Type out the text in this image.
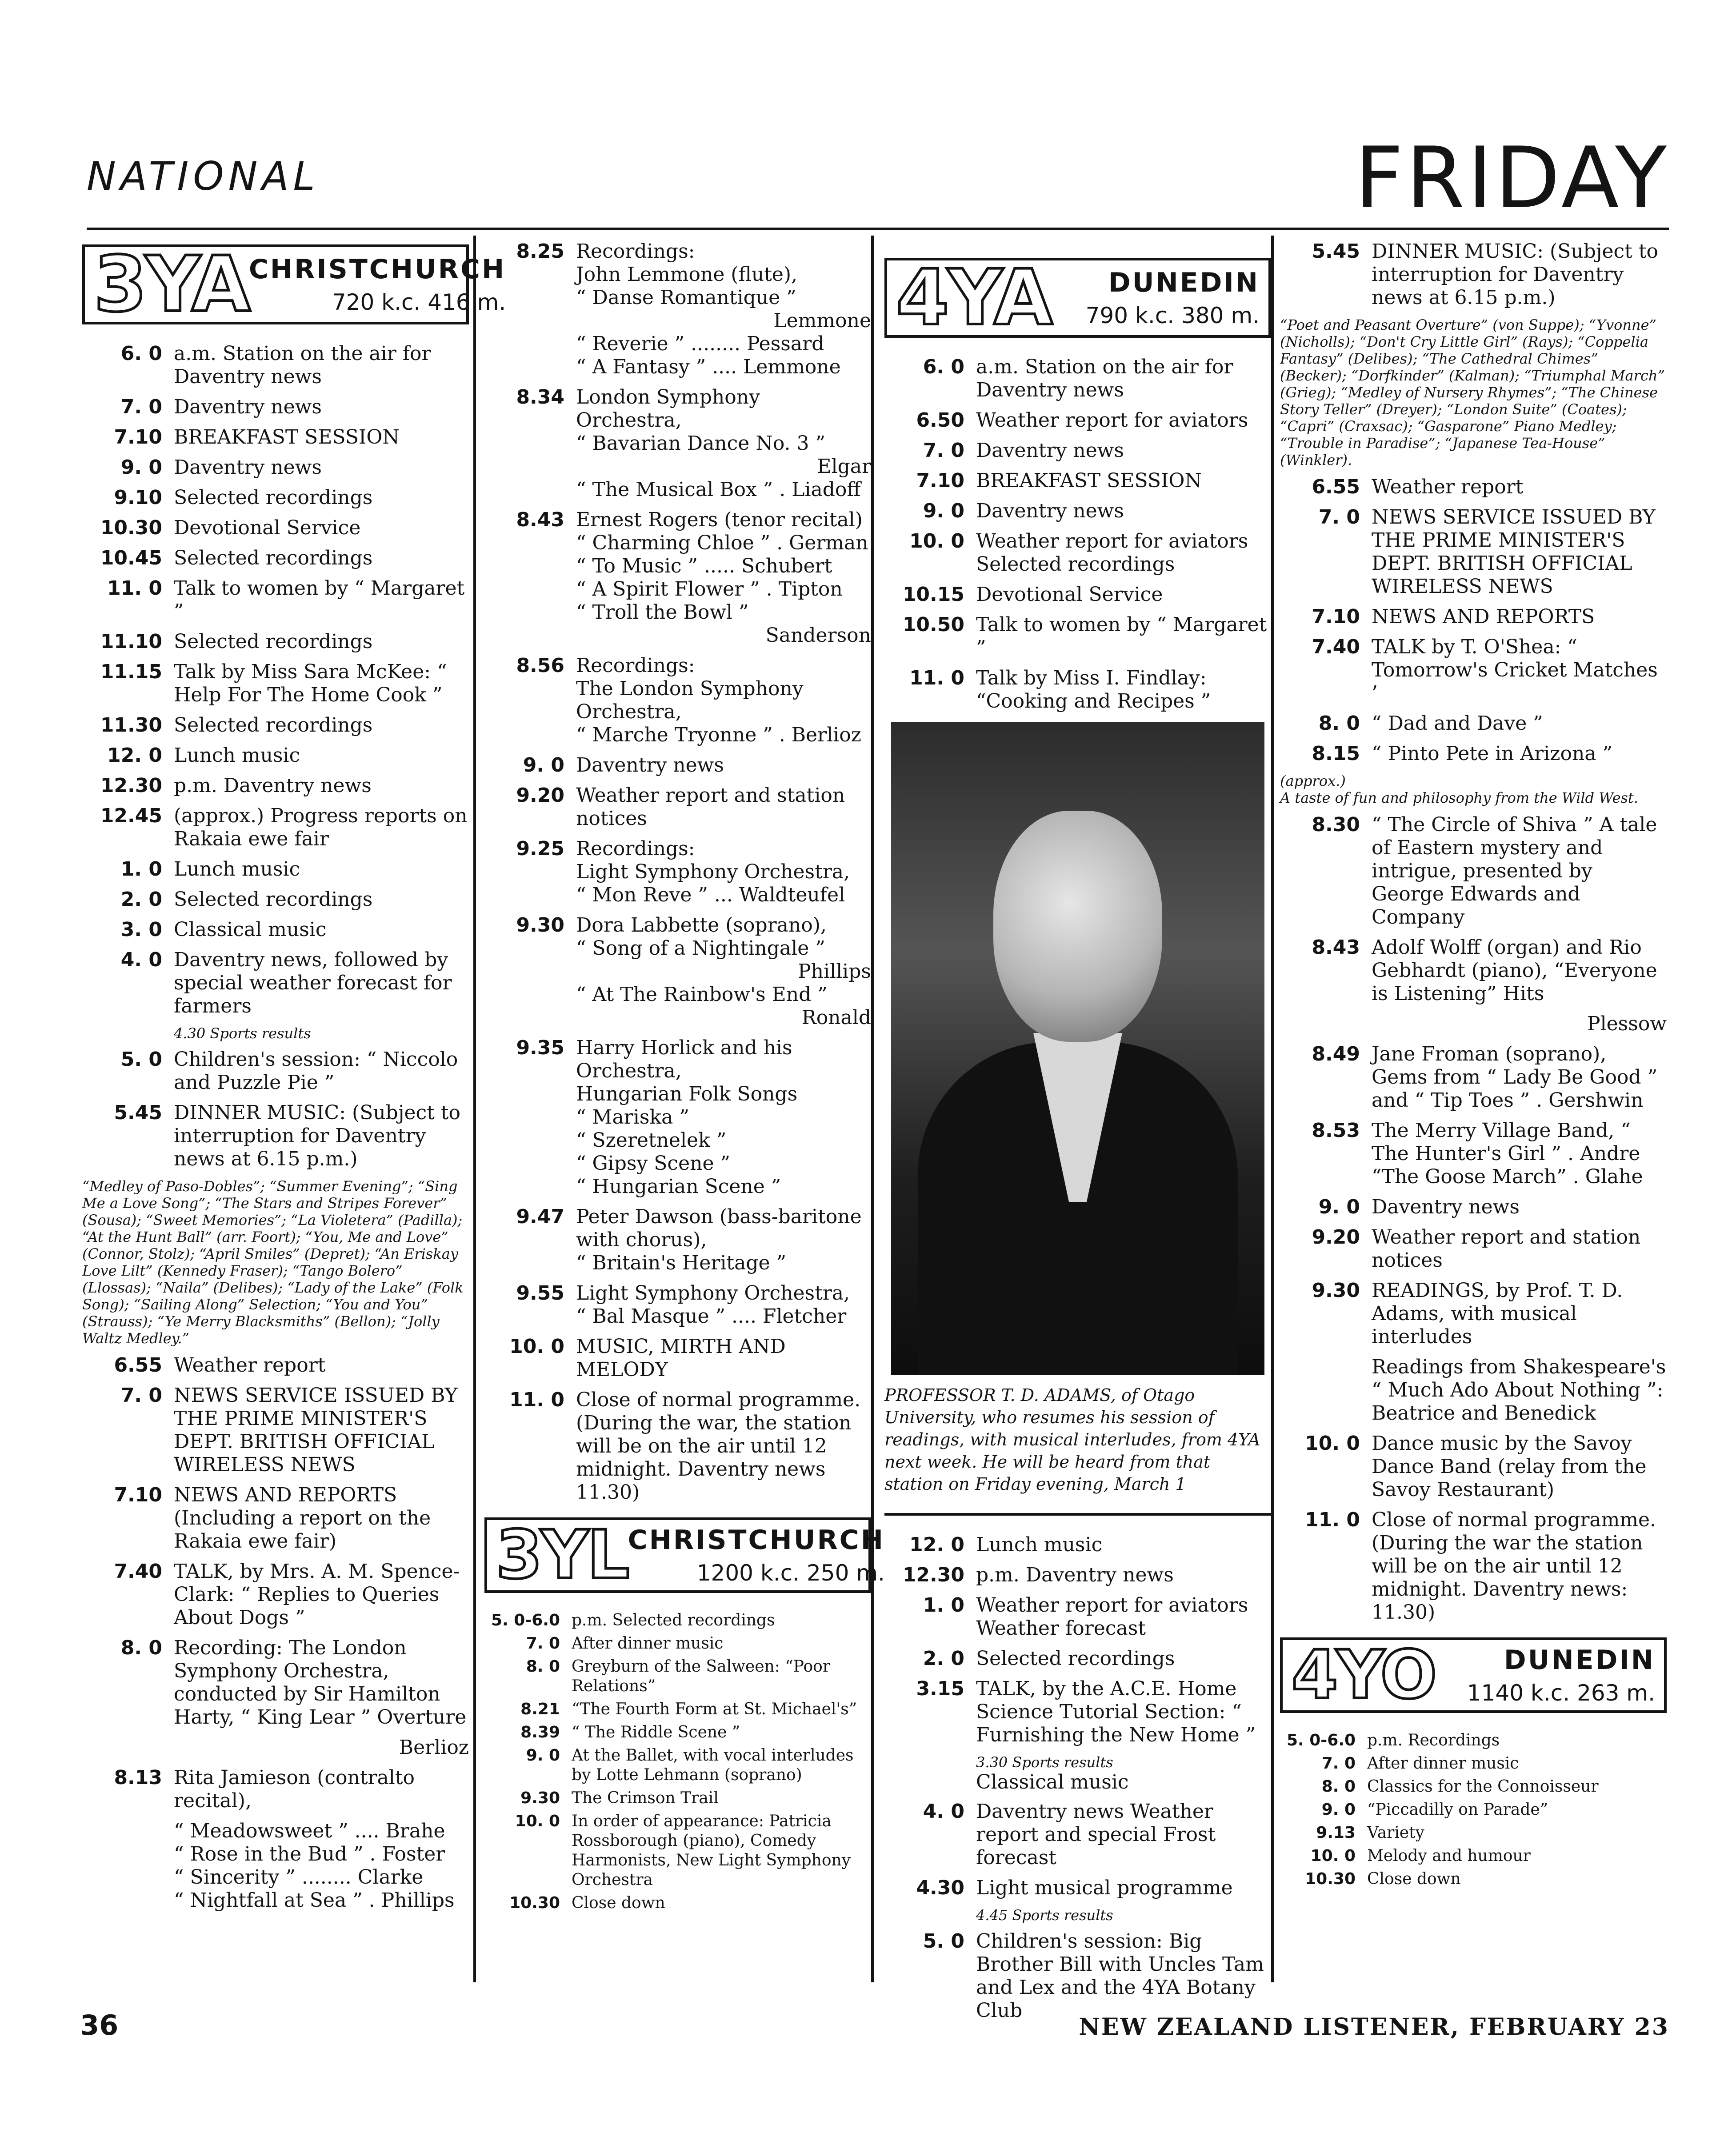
NATIONAL	FRIDAY
3YA CHRISTCHURCH
720 k.c. 416 m.
6. 0 a.m. Station on the air for Daventry news
7. 0 Daventry news
7.10 BREAKFAST SESSION
9. 0 Daventry news
9.10 Selected recordings
10.30 Devotional Service
10.45 Selected recordings
11. 0 Talk to women by “ Margaret ”
11.10 Selected recordings
11.15 Talk by Miss Sara McKee: “ Help For The Home Cook ”
11.30 Selected recordings
12. 0 Lunch music
12.30 p.m. Daventry news
12.45 (approx.) Progress reports on Rakaia ewe fair
1. 0 Lunch music
2. 0 Selected recordings
3. 0 Classical music
4. 0 Daventry news, followed by special weather forecast for farmers
4.30 Sports results
5. 0 Children's session: “ Niccolo and Puzzle Pie ”
5.45 DINNER MUSIC: (Subject to interruption for Daventry news at 6.15 p.m.)
“Medley of Paso-Dobles”; “Summer Evening”; “Sing Me a Love Song”; “The Stars and Stripes Forever” (Sousa); “Sweet Memories”; “La Violetera” (Padilla); “At the Hunt Ball” (arr. Foort); “You, Me and Love” (Connor, Stolz); “April Smiles” (Depret); “An Eriskay Love Lilt” (Kennedy Fraser); “Tango Bolero” (Llossas); “Naila” (Delibes); “Lady of the Lake” (Folk Song); “Sailing Along” Selection; “You and You” (Strauss); “Ye Merry Blacksmiths” (Bellon); “Jolly Waltz Medley.”
6.55 Weather report
7. 0 NEWS SERVICE ISSUED BY THE PRIME MINISTER'S DEPT. BRITISH OFFICIAL WIRELESS NEWS
7.10 NEWS AND REPORTS (Including a report on the Rakaia ewe fair)
7.40 TALK, by Mrs. A. M. Spence-Clark: “ Replies to Queries About Dogs ”
8. 0 Recording: The London Symphony Orchestra, conducted by Sir Hamilton Harty, “ King Lear ” Overture
Berlioz
8.13 Rita Jamieson (contralto recital),
“ Meadowsweet ” .... Brahe
“ Rose in the Bud ” . Foster
“ Sincerity ” ........ Clarke
“ Nightfall at Sea ” . Phillips
8.25 Recordings:
John Lemmone (flute),
“ Danse Romantique ”
Lemmone
“ Reverie ” ........ Pessard
“ A Fantasy ” .... Lemmone
8.34 London Symphony Orchestra,
“ Bavarian Dance No. 3 ”
Elgar
“ The Musical Box ” . Liadoff
8.43 Ernest Rogers (tenor recital)
“ Charming Chloe ” . German
“ To Music ” ..... Schubert
“ A Spirit Flower ” . Tipton
“ Troll the Bowl ”
Sanderson
8.56 Recordings:
The London Symphony Orchestra,
“ Marche Tryonne ” . Berlioz
9. 0 Daventry news
9.20 Weather report and station notices
9.25 Recordings:
Light Symphony Orchestra,
“ Mon Reve ” ... Waldteufel
9.30 Dora Labbette (soprano),
“ Song of a Nightingale ”
Phillips
“ At The Rainbow's End ”
Ronald
9.35 Harry Horlick and his Orchestra,
Hungarian Folk Songs
“ Mariska ”
“ Szeretnelek ”
“ Gipsy Scene ”
“ Hungarian Scene ”
9.47 Peter Dawson (bass-baritone with chorus),
“ Britain's Heritage ”
9.55 Light Symphony Orchestra,
“ Bal Masque ” .... Fletcher
10. 0 MUSIC, MIRTH AND MELODY
11. 0 Close of normal programme. (During the war, the station will be on the air until 12 midnight. Daventry news 11.30)
3YL CHRISTCHURCH
1200 k.c. 250 m.
5. 0-6.0 p.m. Selected recordings
7. 0 After dinner music
8. 0 Greyburn of the Salween: “Poor Relations”
8.21 “The Fourth Form at St. Michael's”
8.39 “ The Riddle Scene ”
9. 0 At the Ballet, with vocal interludes by Lotte Lehmann (soprano)
9.30 The Crimson Trail
10. 0 In order of appearance: Patricia Rossborough (piano), Comedy Harmonists, New Light Symphony Orchestra
10.30 Close down
4YA	DUNEDIN
790 k.c. 380 m.
6. 0 a.m. Station on the air for Daventry news
6.50 Weather report for aviators
7. 0 Daventry news
7.10 BREAKFAST SESSION
9. 0 Daventry news
10. 0 Weather report for aviators Selected recordings
10.15 Devotional Service
10.50 Talk to women by “ Margaret ”
11. 0 Talk by Miss I. Findlay: “Cooking and Recipes ”
PROFESSOR T. D. ADAMS, of Otago University, who resumes his session of readings, with musical interludes, from 4YA next week. He will be heard from that station on Friday evening, March 1
12. 0 Lunch music
12.30 p.m. Daventry news
1. 0 Weather report for aviators Weather forecast
2. 0 Selected recordings
3.15 TALK, by the A.C.E. Home Science Tutorial Section: “ Furnishing the New Home ”
3.30 Sports results
Classical music
4. 0 Daventry news Weather report and special Frost forecast
4.30 Light musical programme
4.45 Sports results
5. 0 Children's session: Big Brother Bill with Uncles Tam and Lex and the 4YA Botany Club
5.45 DINNER MUSIC: (Subject to interruption for Daventry news at 6.15 p.m.)
“Poet and Peasant Overture” (von Suppe); “Yvonne” (Nicholls); “Don't Cry Little Girl” (Rays); “Coppelia Fantasy” (Delibes); “The Cathedral Chimes” (Becker); “Dorfkinder” (Kalman); “Triumphal March” (Grieg); “Medley of Nursery Rhymes”; “The Chinese Story Teller” (Dreyer); “London Suite” (Coates); “Capri” (Craxsac); “Gasparone” Piano Medley; “Trouble in Paradise”; “Japanese Tea-House” (Winkler).
6.55 Weather report
7. 0 NEWS SERVICE ISSUED BY THE PRIME MINISTER'S DEPT. BRITISH OFFICIAL WIRELESS NEWS
7.10 NEWS AND REPORTS
7.40 TALK by T. O'Shea: “ Tomorrow's Cricket Matches ’
8. 0 “ Dad and Dave ”
8.15 “ Pinto Pete in Arizona ”
(approx.)
A taste of fun and philosophy from the Wild West.
8.30 “ The Circle of Shiva ” A tale of Eastern mystery and intrigue, presented by George Edwards and Company
8.43 Adolf Wolff (organ) and Rio Gebhardt (piano), “Everyone is Listening” Hits
Plessow
8.49 Jane Froman (soprano), Gems from “ Lady Be Good ” and “ Tip Toes ” . Gershwin
8.53 The Merry Village Band, “ The Hunter's Girl ” . Andre “The Goose March” . Glahe
9. 0 Daventry news
9.20 Weather report and station notices
9.30 READINGS, by Prof. T. D. Adams, with musical interludes
Readings from Shakespeare's “ Much Ado About Nothing ”: Beatrice and Benedick
10. 0 Dance music by the Savoy Dance Band (relay from the Savoy Restaurant)
11. 0 Close of normal programme. (During the war the station will be on the air until 12 midnight. Daventry news: 11.30)
4YO	DUNEDIN
1140 k.c. 263 m.
5. 0-6.0 p.m. Recordings
7. 0 After dinner music
8. 0 Classics for the Connoisseur
9. 0 “Piccadilly on Parade”
9.13 Variety
10. 0 Melody and humour
10.30 Close down
36	NEW ZEALAND LISTENER, FEBRUARY 23
